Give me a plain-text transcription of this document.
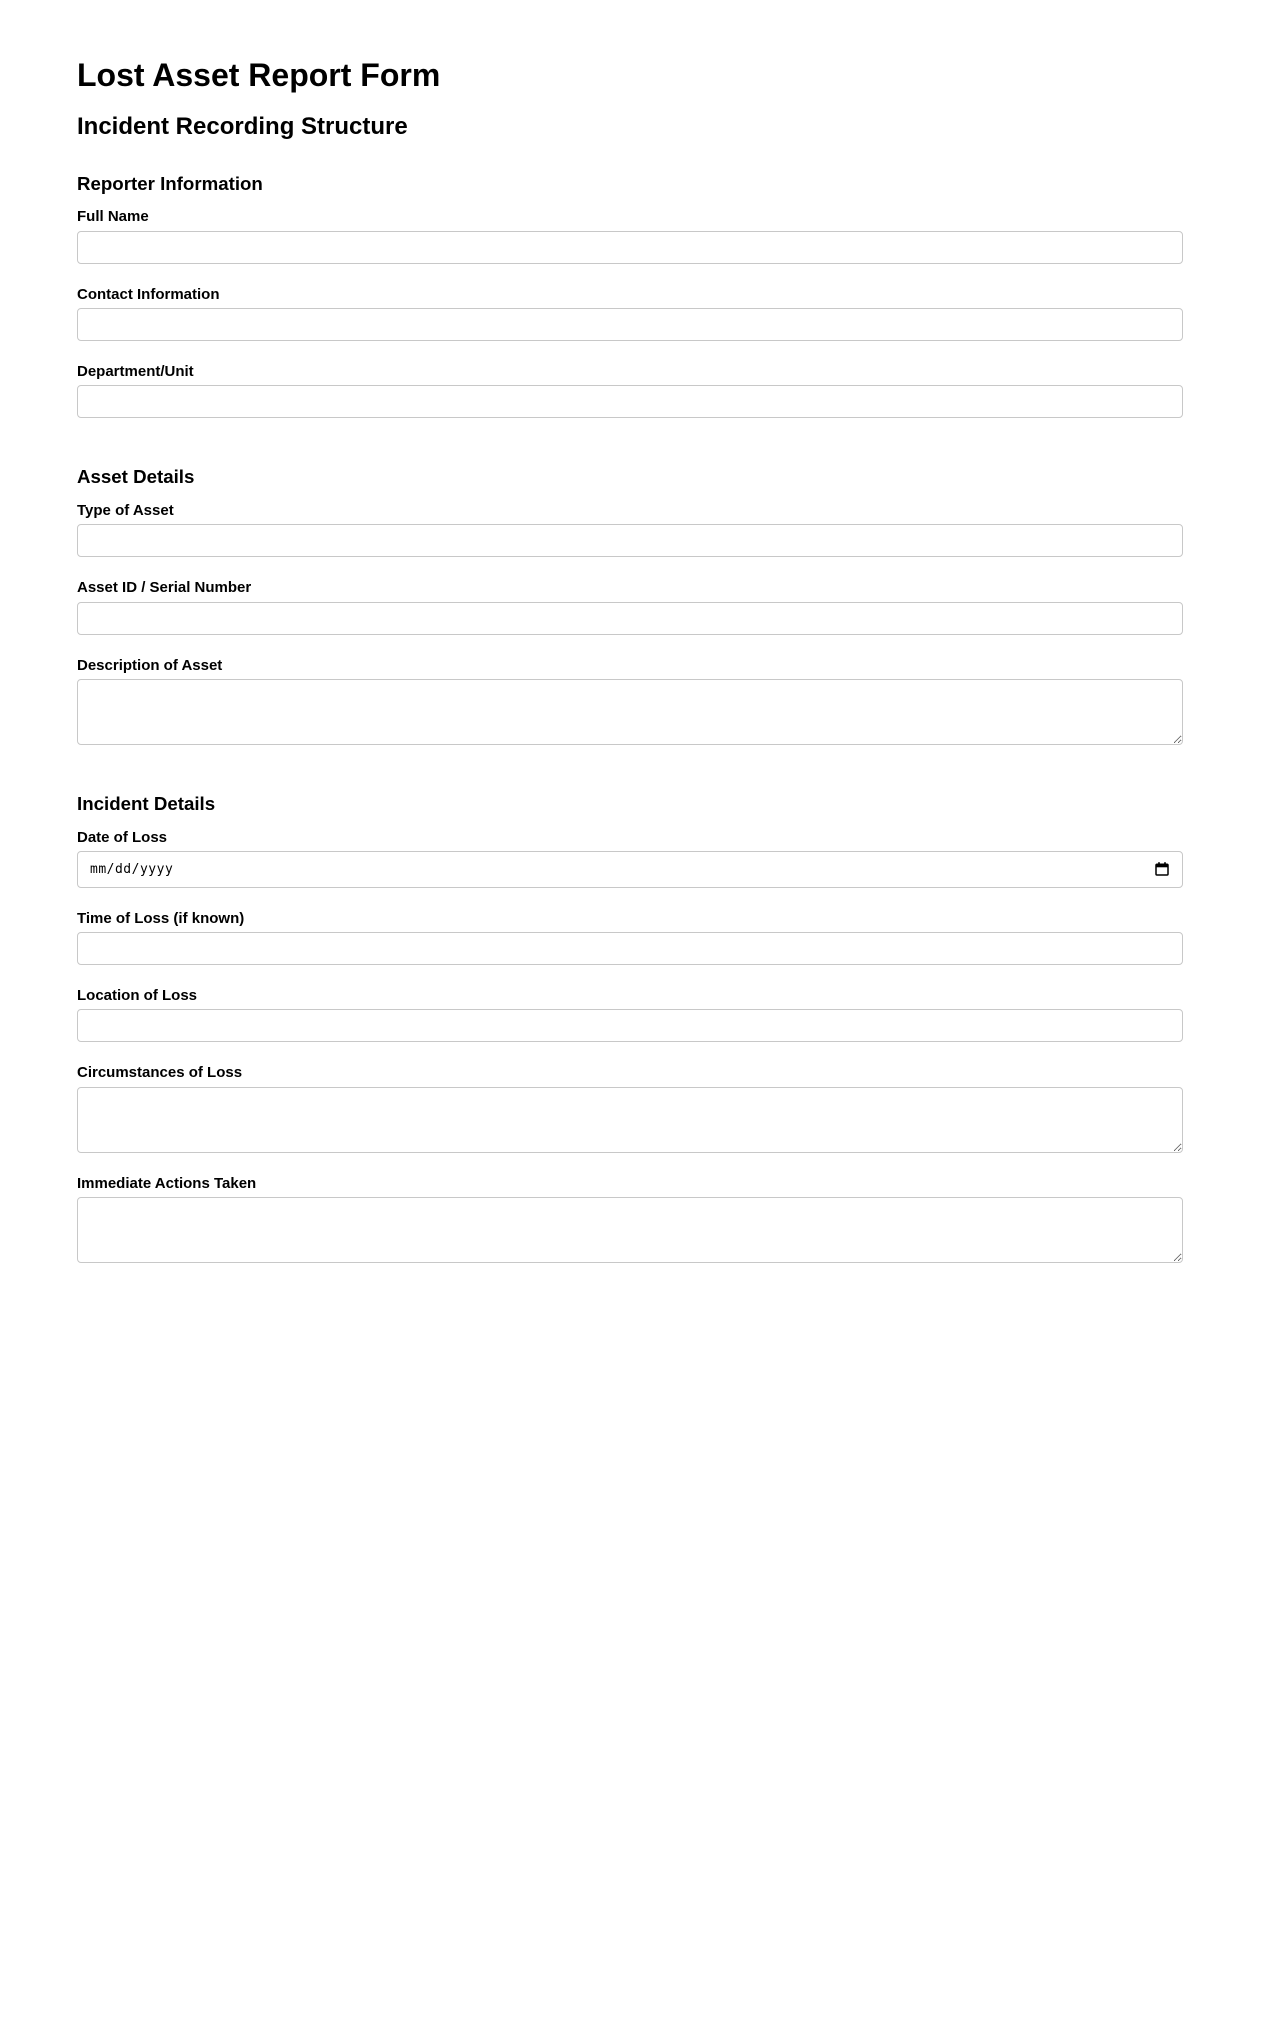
Lost Asset Report Form
Incident Recording Structure
Reporter Information
Full Name
Contact Information
Department/Unit
Asset Details
Type of Asset
Asset ID / Serial Number
Description of Asset
Incident Details
Date of Loss
mm/dd/yyyy
Time of Loss (if known)
Location of Loss
Circumstances of Loss
Immediate Actions Taken
